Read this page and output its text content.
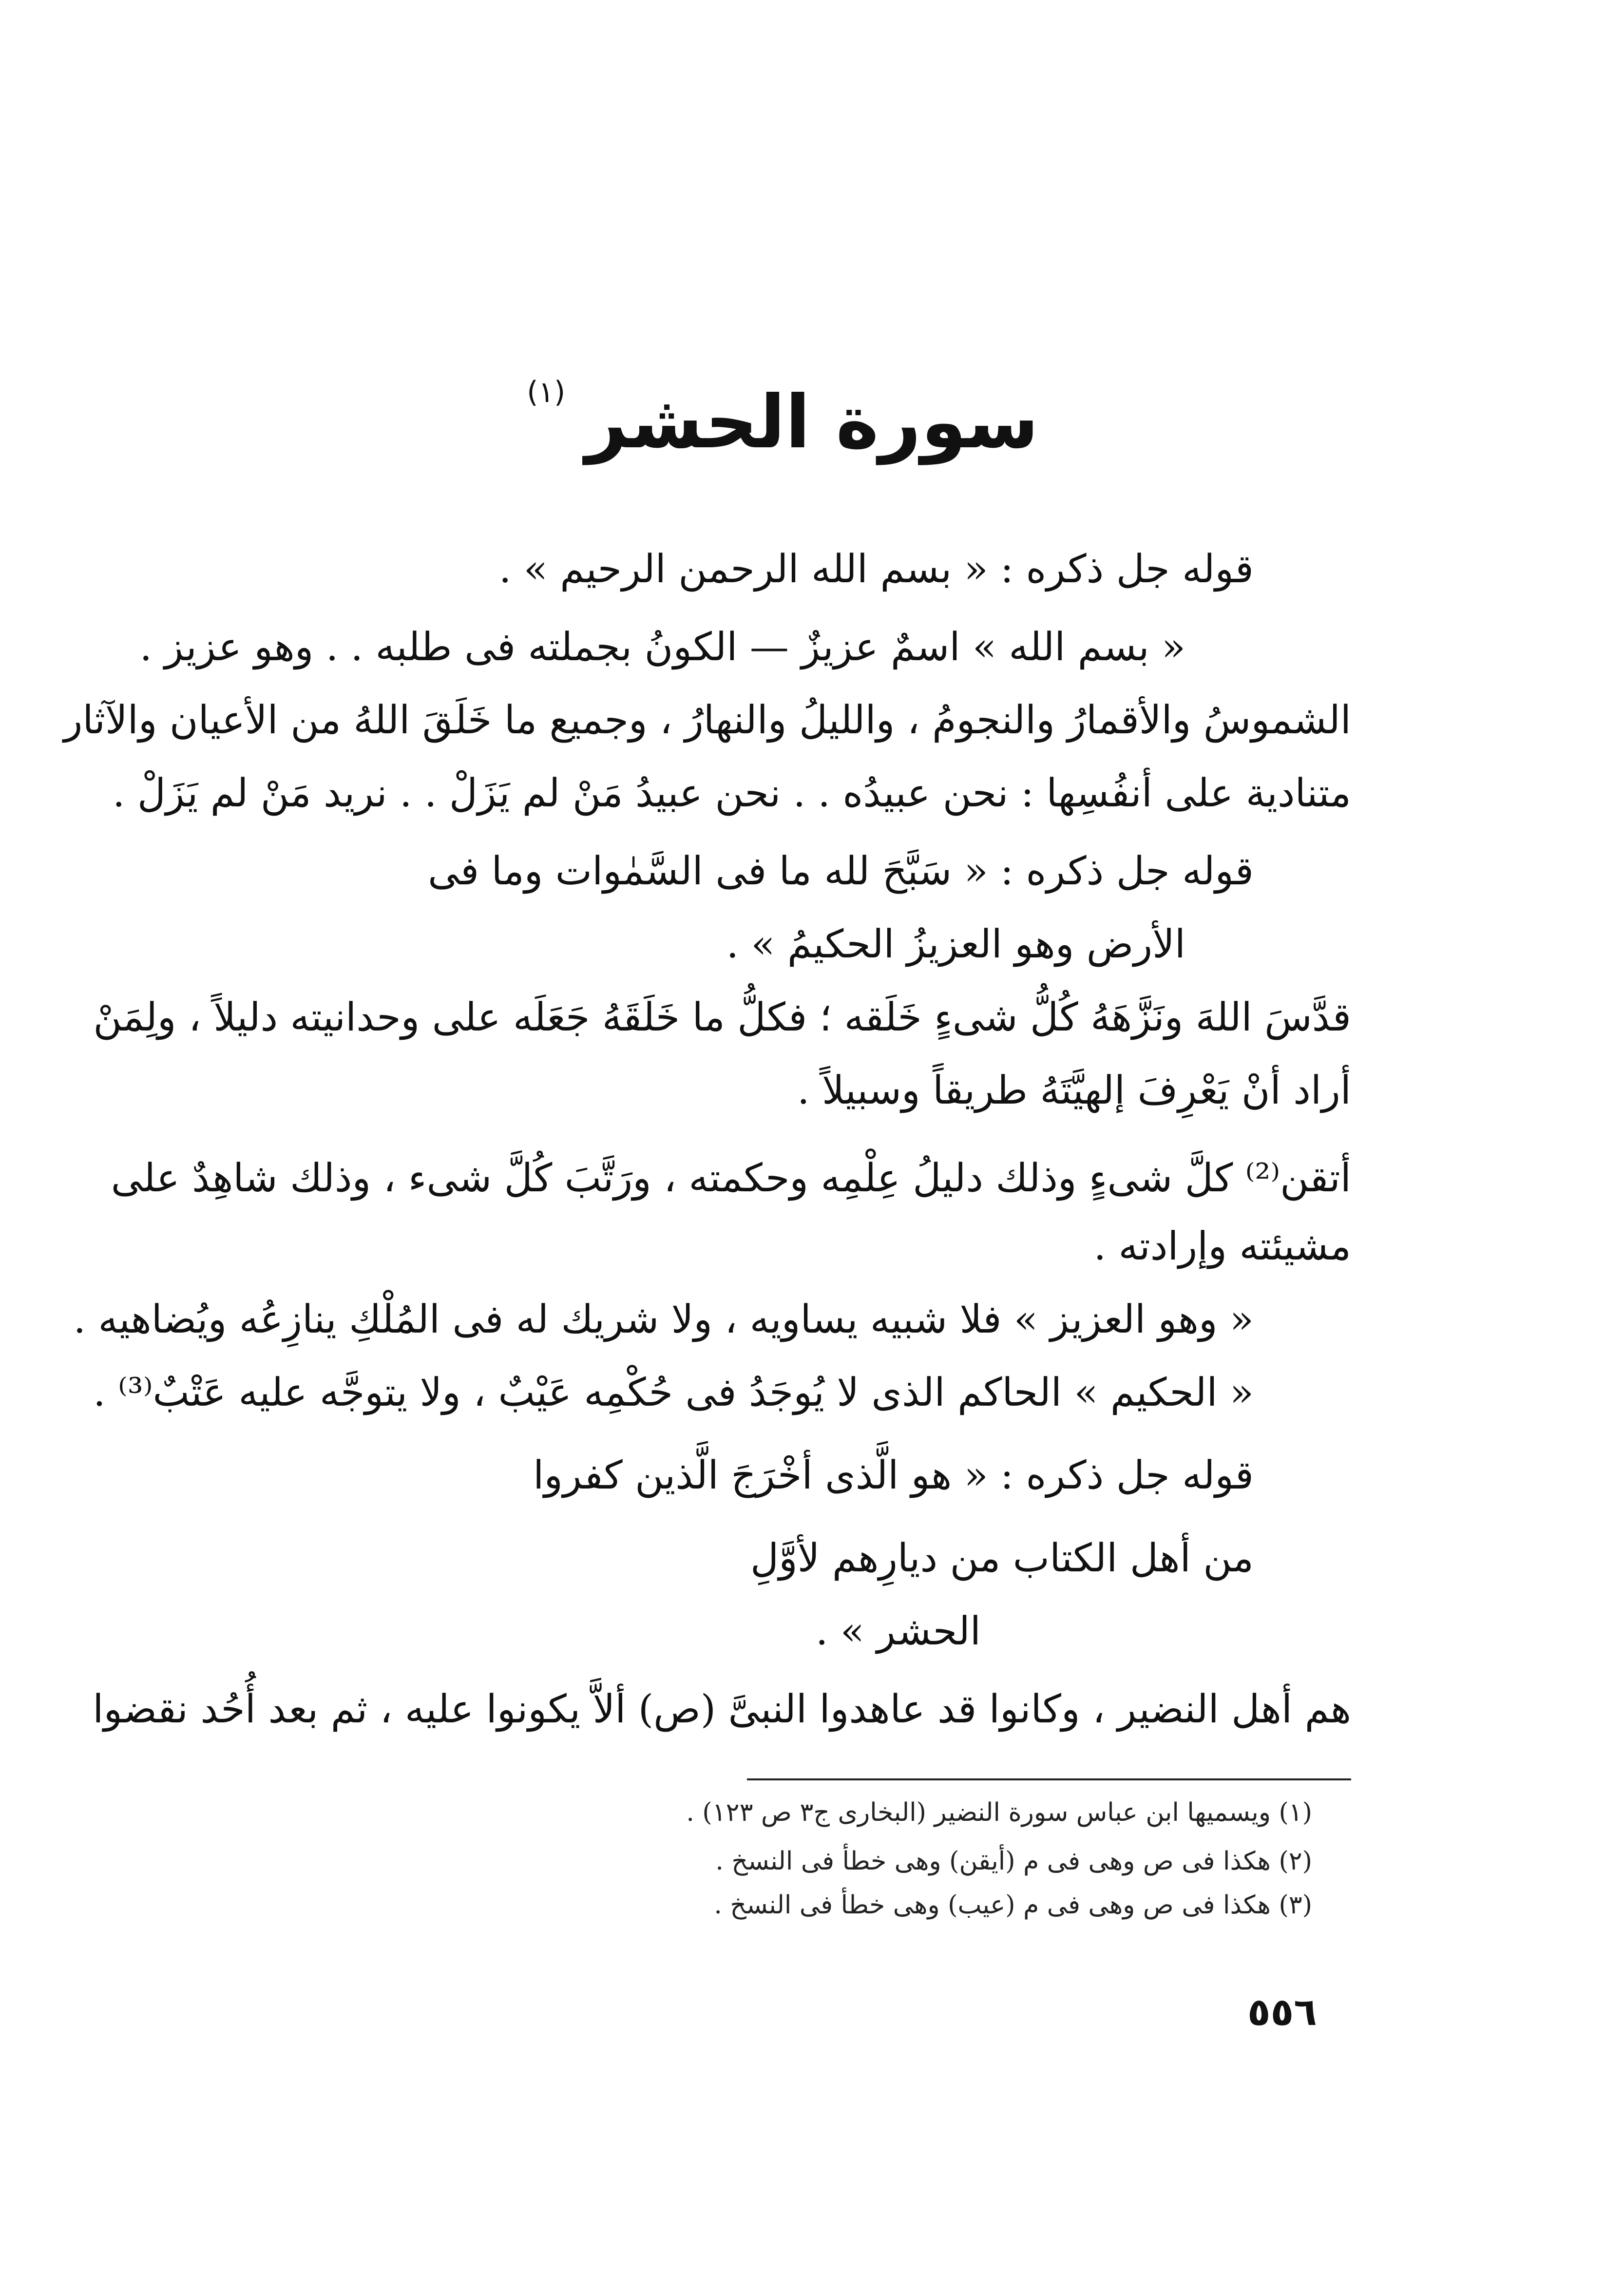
سورة الحشر
(١)
قوله جل ذكره : « بسم الله الرحمن الرحيم » .
« بسم الله » اسمٌ عزيزٌ — الكونُ بجملته فى طلبه . . وهو عزيز .
الشموسُ والأقمارُ والنجومُ ، والليلُ والنهارُ ، وجميع ما خَلَقَ اللهُ من الأعيان والآثار
متنادية على أنفُسِها : نحن عبيدُه . . نحن عبيدُ مَنْ لم يَزَلْ . . نريد مَنْ لم يَزَلْ .
قوله جل ذكره : « سَبَّحَ لله ما فى السَّمٰوات وما فى
الأرض وهو العزيزُ الحكيمُ » .
قدَّسَ اللهَ ونَزَّهَهُ كُلُّ شىءٍ خَلَقه ؛ فكلُّ ما خَلَقَهُ جَعَلَه على وحدانيته دليلاً ، ولِمَنْ
أراد أنْ يَعْرِفَ إلهيَّتَهُ طريقاً وسبيلاً .
أتقن⁽²⁾ كلَّ شىءٍ وذلك دليلُ عِلْمِه وحكمته ، ورَتَّبَ كُلَّ شىء ، وذلك شاهِدٌ على
مشيئته وإرادته .
« وهو العزيز » فلا شبيه يساويه ، ولا شريك له فى المُلْكِ ينازِعُه ويُضاهيه .
« الحكيم » الحاكم الذى لا يُوجَدُ فى حُكْمِه عَيْبٌ ، ولا يتوجَّه عليه عَتْبٌ⁽³⁾ .
قوله جل ذكره : « هو الَّذى أخْرَجَ الَّذين كفروا
من أهل الكتاب من ديارِهم لأوَّلِ
الحشر » .
هم أهل النضير ، وكانوا قد عاهدوا النبىَّ (ص) ألاَّ يكونوا عليه ، ثم بعد أُحُد نقضوا
(١) ويسميها ابن عباس سورة النضير (البخارى ج٣ ص ١٢٣) .
(٢) هكذا فى ص وهى فى م (أيقن) وهى خطأ فى النسخ .
(٣) هكذا فى ص وهى فى م (عيب) وهى خطأ فى النسخ .
٥٥٦
